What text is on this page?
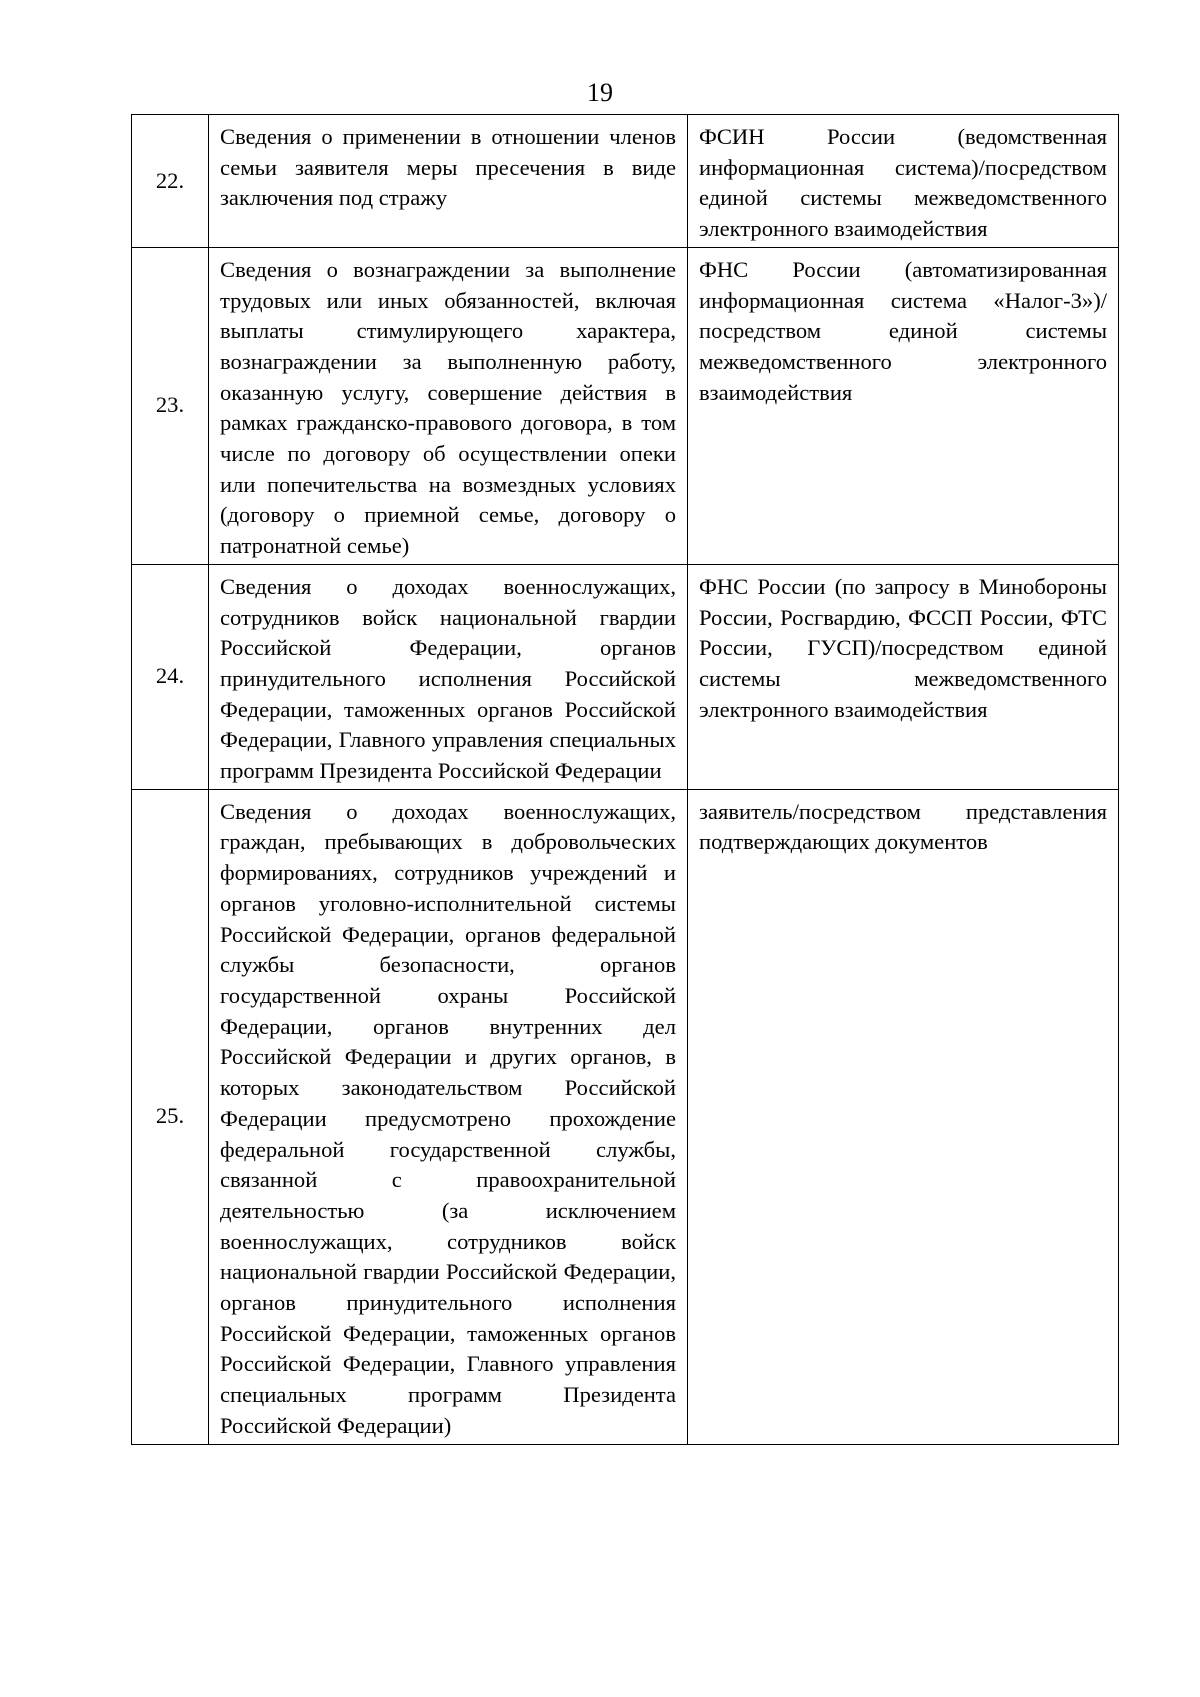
19
22.	Сведения о применении в отношении членов семьи заявителя меры пресечения в виде заключения под стражу	ФСИН России (ведомственная информационная система)/посредством единой системы межведомственного электронного взаимодействия
23.	Сведения о вознаграждении за выполнение трудовых или иных обязанностей, включая выплаты стимулирующего характера, вознаграждении за выполненную работу, оказанную услугу, совершение действия в рамках гражданско-правового договора, в том числе по договору об осуществлении опеки или попечительства на возмездных условиях (договору о приемной семье, договору о патронатной семье)	ФНС России (автоматизированная информационная система «Налог-3»)/посредством единой системы межведомственного электронного взаимодействия
24.	Сведения о доходах военнослужащих, сотрудников войск национальной гвардии Российской Федерации, органов принудительного исполнения Российской Федерации, таможенных органов Российской Федерации, Главного управления специальных программ Президента Российской Федерации	ФНС России (по запросу в Минобороны России, Росгвардию, ФССП России, ФТС России, ГУСП)/посредством единой системы межведомственного электронного взаимодействия
25.	Сведения о доходах военнослужащих, граждан, пребывающих в добровольческих формированиях, сотрудников учреждений и органов уголовно-исполнительной системы Российской Федерации, органов федеральной службы безопасности, органов государственной охраны Российской Федерации, органов внутренних дел Российской Федерации и других органов, в которых законодательством Российской Федерации предусмотрено прохождение федеральной государственной службы, связанной с правоохранительной деятельностью (за исключением военнослужащих, сотрудников войск национальной гвардии Российской Федерации, органов принудительного исполнения Российской Федерации, таможенных органов Российской Федерации, Главного управления специальных программ Президента Российской Федерации)	заявитель/посредством представления подтверждающих документов
